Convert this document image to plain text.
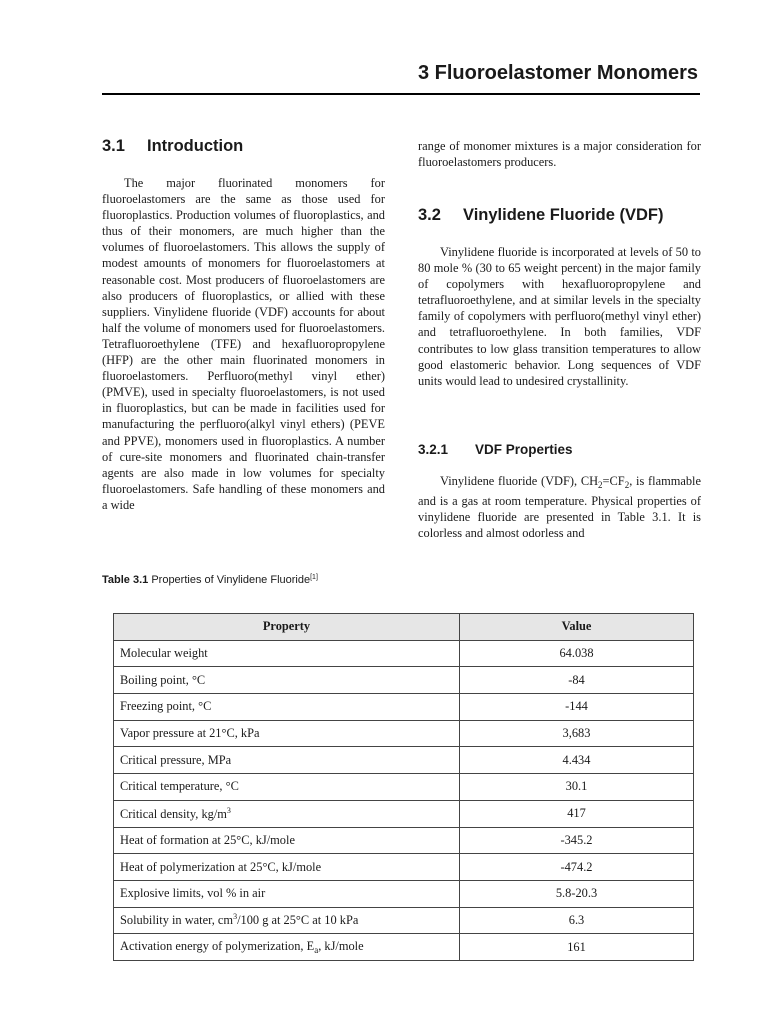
3 Fluoroelastomer Monomers
3.1 Introduction

The major fluorinated monomers for fluoroelastomers are the same as those used for fluoroplastics. Production volumes of fluoroplastics, and thus of their monomers, are much higher than the volumes of fluoroelastomers. This allows the supply of modest amounts of monomers for fluoroelastomers at reasonable cost. Most producers of fluoroelastomers are also producers of fluoroplastics, or allied with these suppliers. Vinylidene fluoride (VDF) accounts for about half the volume of monomers used for fluoroelastomers. Tetrafluoroethylene (TFE) and hexafluoropropylene (HFP) are the other main fluorinated monomers in fluoroelastomers. Perfluoro(methyl vinyl ether) (PMVE), used in specialty fluoroelastomers, is not used in fluoroplastics, but can be made in facilities used for manufacturing the perfluoro(alkyl vinyl ethers) (PEVE and PPVE), monomers used in fluoroplastics. A number of cure-site monomers and fluorinated chain-transfer agents are also made in low volumes for specialty fluoroelastomers. Safe handling of these monomers and a wide

range of monomer mixtures is a major consideration for fluoroelastomers producers.

3.2 Vinylidene Fluoride (VDF)

Vinylidene fluoride is incorporated at levels of 50 to 80 mole % (30 to 65 weight percent) in the major family of copolymers with hexafluoropropylene and tetrafluoroethylene, and at similar levels in the specialty family of copolymers with perfluoro(methyl vinyl ether) and tetrafluoroethylene. In both families, VDF contributes to low glass transition temperatures to allow good elastomeric behavior. Long sequences of VDF units would lead to undesired crystallinity.

3.2.1 VDF Properties

Vinylidene fluoride (VDF), $CH_2=CF_2$, is flammable and is a gas at room temperature. Physical properties of vinylidene fluoride are presented in Table 3.1. It is colorless and almost odorless and

Table 3.1 Properties of Vinylidene Fluoride[1]

Property	Value
Molecular weight	64.038
Boiling point, °C	-84
Freezing point, °C	-144
Vapor pressure at 21°C, kPa	3,683
Critical pressure, MPa	4.434
Critical temperature, °C	30.1
Critical density, $kg/m^3$	417
Heat of formation at 25°C, kJ/mole	-345.2
Heat of polymerization at 25°C, kJ/mole	-474.2
Explosive limits, vol % in air	5.8-20.3
Solubility in water, $cm^3/100$ g at 25°C at 10 kPa	6.3
Activation energy of polymerization, $E_a$, kJ/mole	161
